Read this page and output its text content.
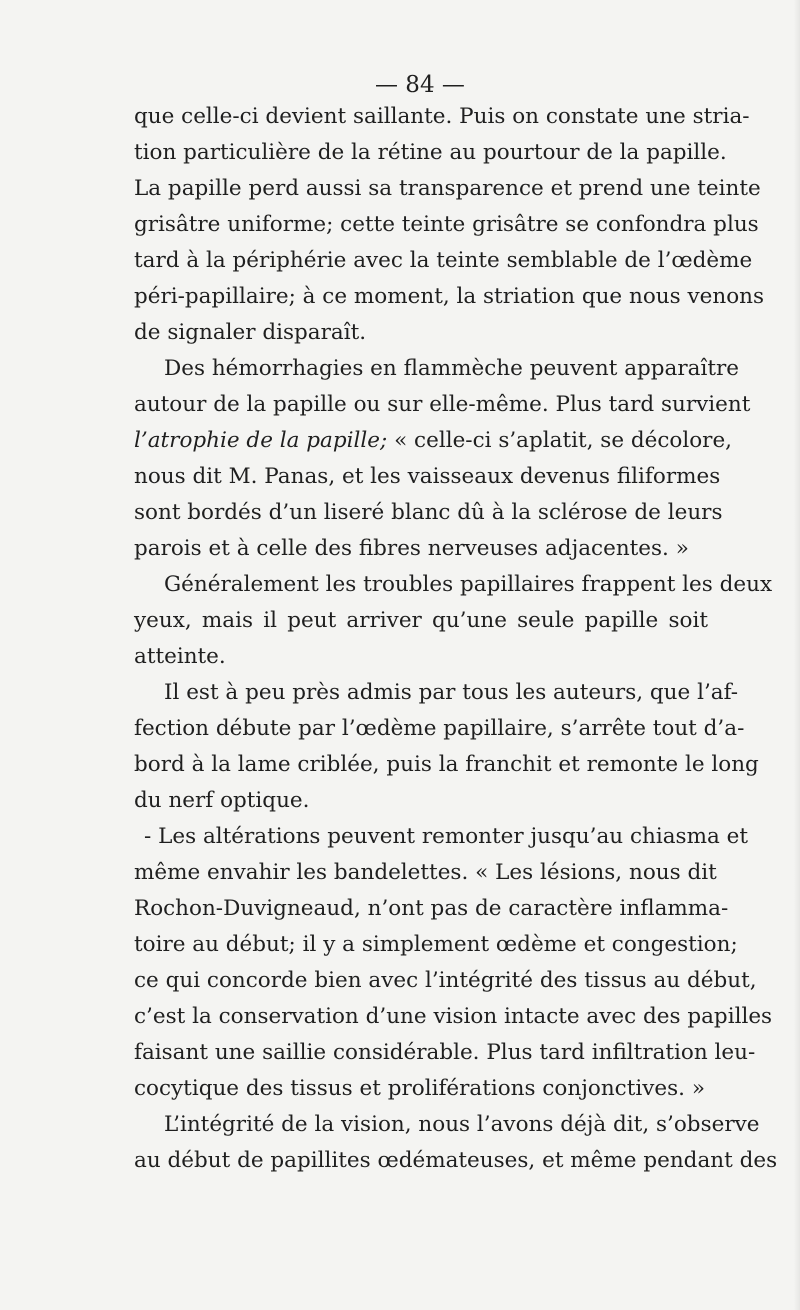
— 84 —
que celle-ci devient saillante. Puis on constate une stria-
tion particulière de la rétine au pourtour de la papille.
La papille perd aussi sa transparence et prend une teinte
grisâtre uniforme; cette teinte grisâtre se confondra plus
tard à la périphérie avec la teinte semblable de l’œdème
péri-papillaire; à ce moment, la striation que nous venons
de signaler disparaît.
Des hémorrhagies en flammèche peuvent apparaître
autour de la papille ou sur elle-même. Plus tard survient
l’atrophie de la papille; « celle-ci s’aplatit, se décolore,
nous dit M. Panas, et les vaisseaux devenus filiformes
sont bordés d’un liseré blanc dû à la sclérose de leurs
parois et à celle des fibres nerveuses adjacentes. »
Généralement les troubles papillaires frappent les deux
yeux, mais il peut arriver qu’une seule papille soit
atteinte.
Il est à peu près admis par tous les auteurs, que l’af-
fection débute par l’œdème papillaire, s’arrête tout d’a-
bord à la lame criblée, puis la franchit et remonte le long
du nerf optique.
- Les altérations peuvent remonter jusqu’au chiasma et
même envahir les bandelettes. « Les lésions, nous dit
Rochon-Duvigneaud, n’ont pas de caractère inflamma-
toire au début; il y a simplement œdème et congestion;
ce qui concorde bien avec l’intégrité des tissus au début,
c’est la conservation d’une vision intacte avec des papilles
faisant une saillie considérable. Plus tard infiltration leu-
cocytique des tissus et proliférations conjonctives. »
L’intégrité de la vision, nous l’avons déjà dit, s’observe
au début de papillites œdémateuses, et même pendant des
